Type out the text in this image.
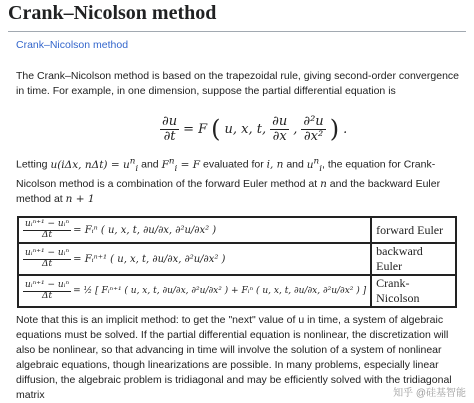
Crank–Nicolson method
Crank–Nicolson method
The Crank–Nicolson method is based on the trapezoidal rule, giving second-order convergence in time. For example, in one dimension, suppose the partial differential equation is
$\frac{\partial u}{\partial t} = F$ ( u, x, t, $\frac{\partial u}{\partial x}$ , $\frac{\text{∂²u}}{\text{∂x²}}$ ) .
Letting u(iΔx, $n\Delta t) = u^n_i$ and $F^n_i = F$ evaluated for i, n and $u^n_i$, the equation for Crank-Nicolson method is a combination of the forward Euler method at n and the backward Euler method at n + 1
$\frac{\text{uᵢⁿ⁺¹ − uᵢⁿ}}{\Delta t}$ = Fᵢⁿ ( u, x, t, ∂u/∂x, ∂²u/∂x² )	forward Euler

$\frac{\text{uᵢⁿ⁺¹ − uᵢⁿ}}{\Delta t}$ = Fᵢⁿ⁺¹ ( u, x, t, ∂u/∂x, ∂²u/∂x² )	backward Euler

$\frac{\text{uᵢⁿ⁺¹ − uᵢⁿ}}{\Delta t}$ = ½ [ Fᵢⁿ⁺¹ ( u, x, t, ∂u/∂x, ∂²u/∂x² ) + Fᵢⁿ ( u, x, t, ∂u/∂x, ∂²u/∂x² ) ]	Crank-Nicolson
Note that this is an implicit method: to get the "next" value of u in time, a system of algebraic equations must be solved. If the partial differential equation is nonlinear, the discretization will also be nonlinear, so that advancing in time will involve the solution of a system of nonlinear algebraic equations, though linearizations are possible. In many problems, especially linear diffusion, the algebraic problem is tridiagonal and may be efficiently solved with the tridiagonal matrix	知乎 @硅基智能
